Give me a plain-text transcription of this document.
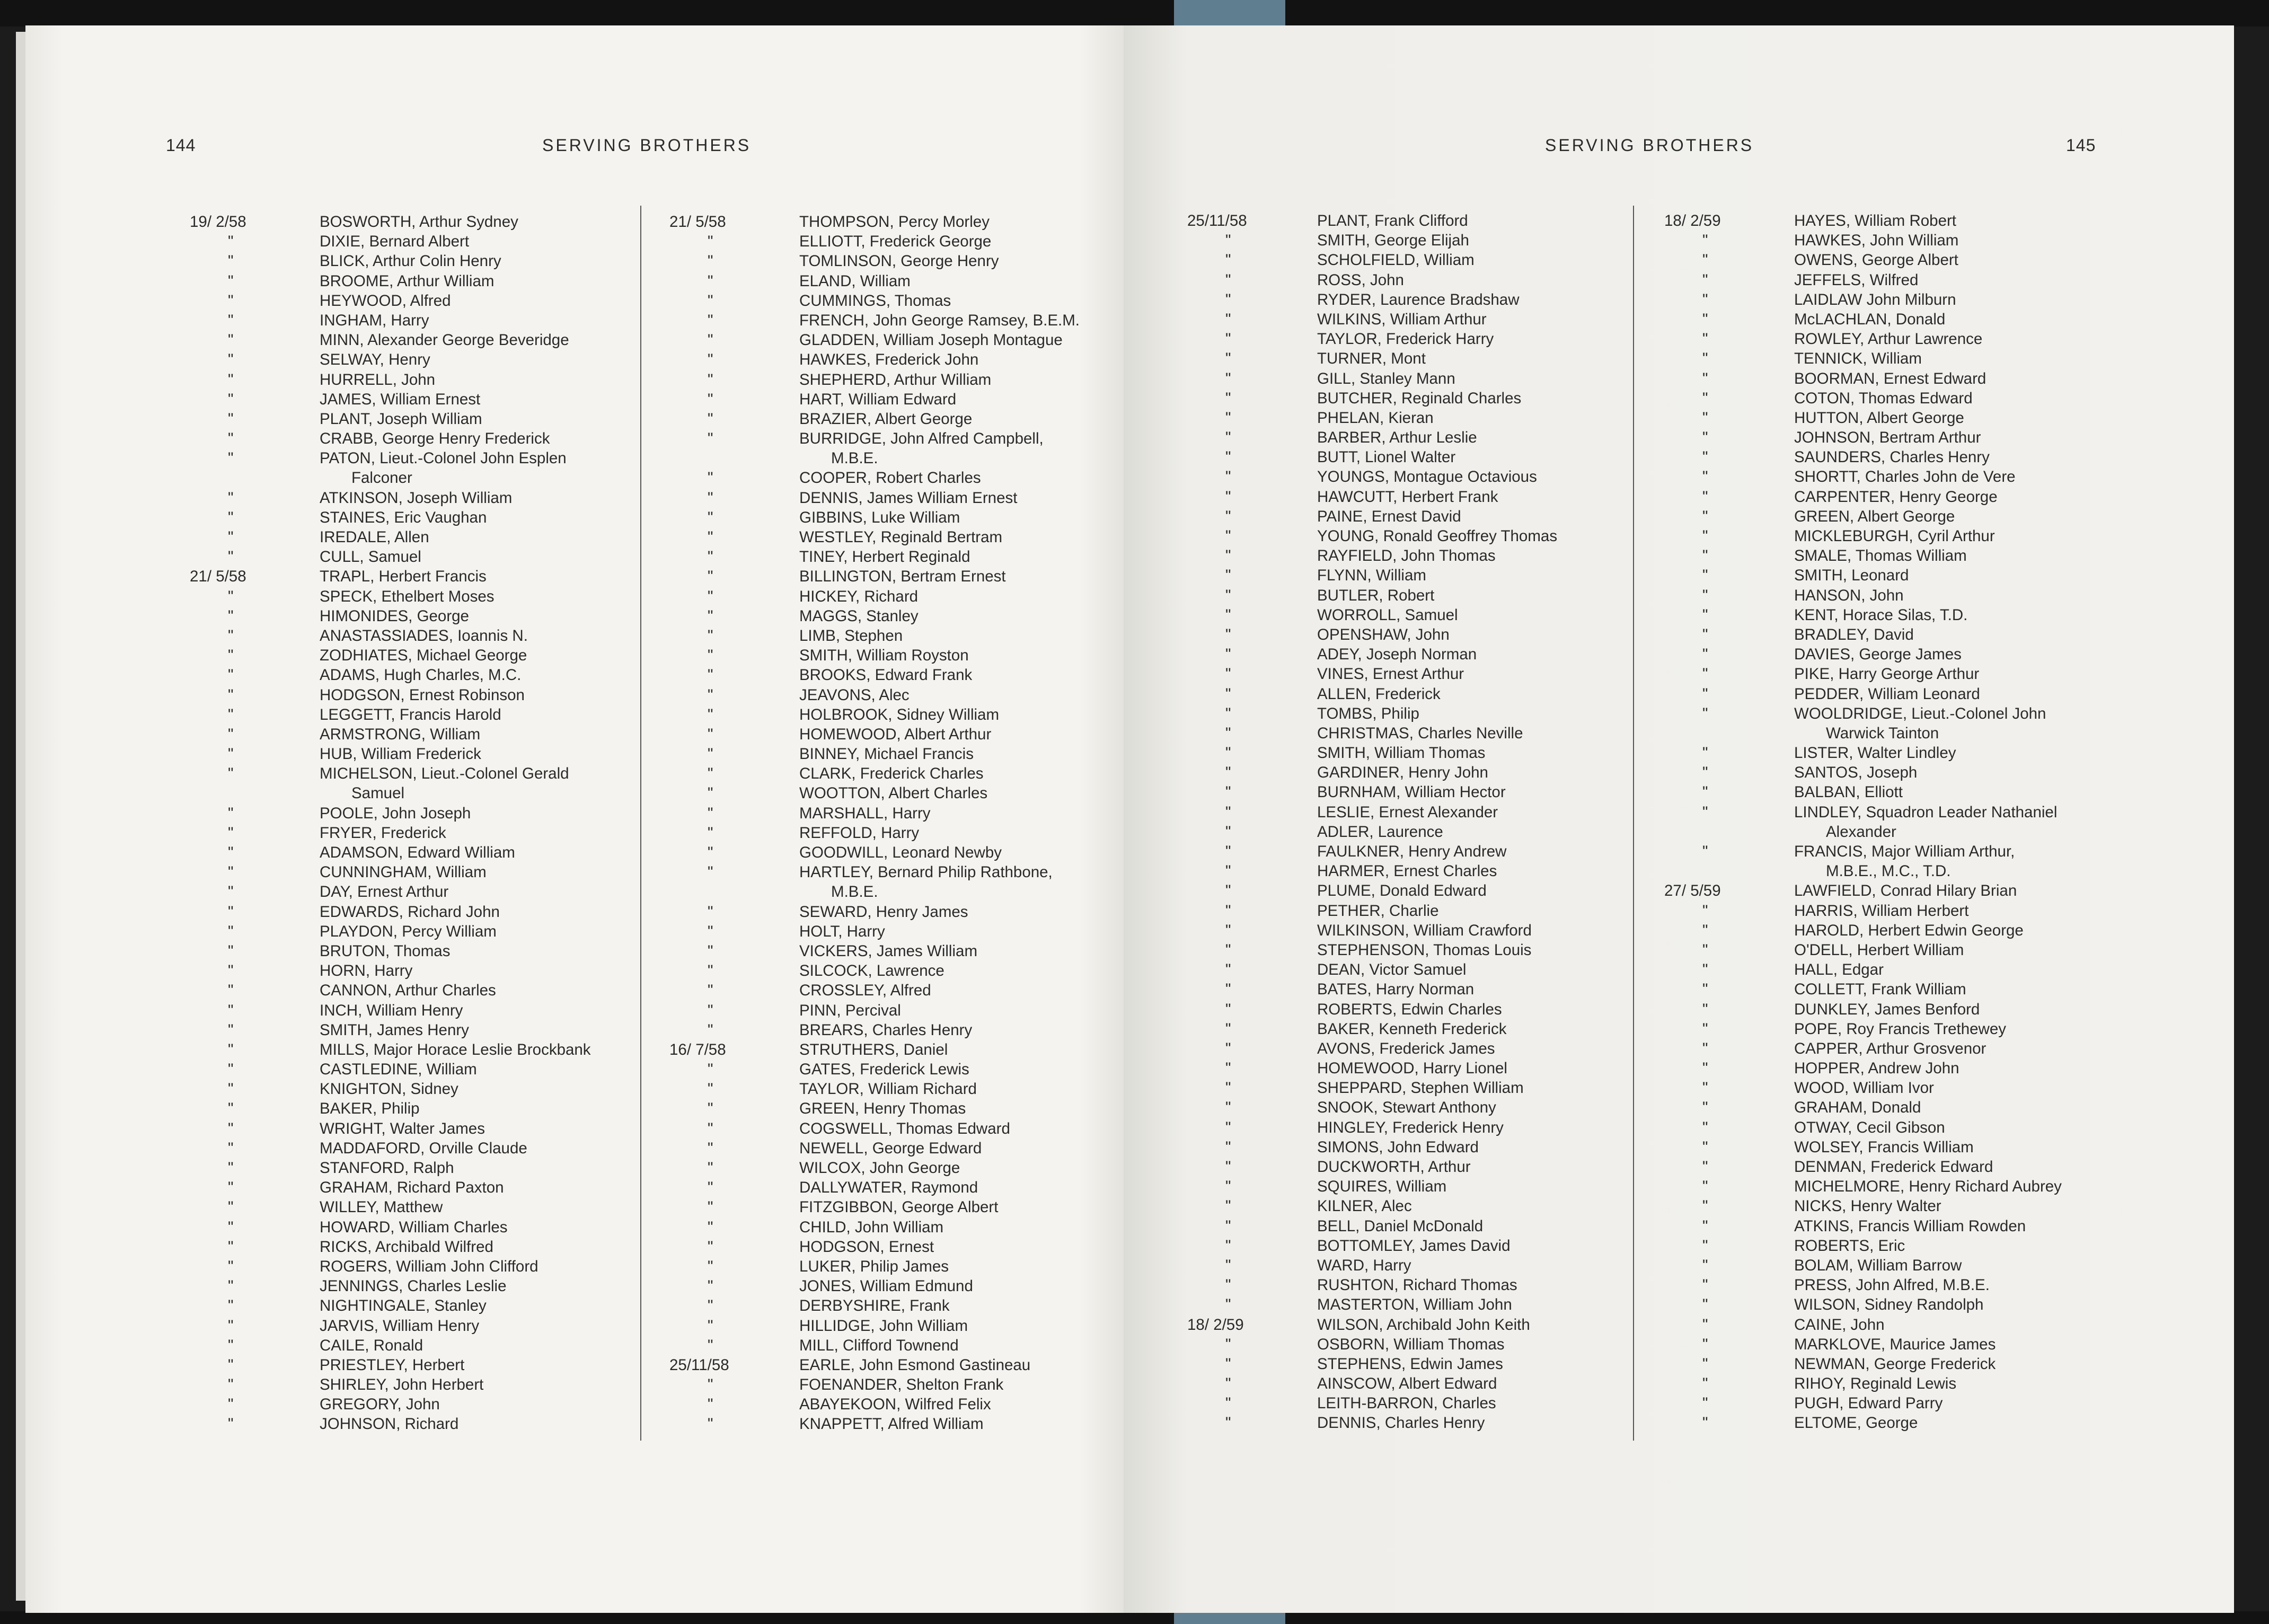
144	SERVING BROTHERS
19/ 2/58	BOSWORTH, Arthur Sydney
"	DIXIE, Bernard Albert
"	BLICK, Arthur Colin Henry
"	BROOME, Arthur William
"	HEYWOOD, Alfred
"	INGHAM, Harry
"	MINN, Alexander George Beveridge
"	SELWAY, Henry
"	HURRELL, John
"	JAMES, William Ernest
"	PLANT, Joseph William
"	CRABB, George Henry Frederick
"	PATON, Lieut.-Colonel John Esplen
Falconer
"	ATKINSON, Joseph William
"	STAINES, Eric Vaughan
"	IREDALE, Allen
"	CULL, Samuel
21/ 5/58	TRAPL, Herbert Francis
"	SPECK, Ethelbert Moses
"	HIMONIDES, George
"	ANASTASSIADES, Ioannis N.
"	ZODHIATES, Michael George
"	ADAMS, Hugh Charles, M.C.
"	HODGSON, Ernest Robinson
"	LEGGETT, Francis Harold
"	ARMSTRONG, William
"	HUB, William Frederick
"	MICHELSON, Lieut.-Colonel Gerald
Samuel
"	POOLE, John Joseph
"	FRYER, Frederick
"	ADAMSON, Edward William
"	CUNNINGHAM, William
"	DAY, Ernest Arthur
"	EDWARDS, Richard John
"	PLAYDON, Percy William
"	BRUTON, Thomas
"	HORN, Harry
"	CANNON, Arthur Charles
"	INCH, William Henry
"	SMITH, James Henry
"	MILLS, Major Horace Leslie Brockbank
"	CASTLEDINE, William
"	KNIGHTON, Sidney
"	BAKER, Philip
"	WRIGHT, Walter James
"	MADDAFORD, Orville Claude
"	STANFORD, Ralph
"	GRAHAM, Richard Paxton
"	WILLEY, Matthew
"	HOWARD, William Charles
"	RICKS, Archibald Wilfred
"	ROGERS, William John Clifford
"	JENNINGS, Charles Leslie
"	NIGHTINGALE, Stanley
"	JARVIS, William Henry
"	CAILE, Ronald
"	PRIESTLEY, Herbert
"	SHIRLEY, John Herbert
"	GREGORY, John
"	JOHNSON, Richard
21/ 5/58	THOMPSON, Percy Morley
"	ELLIOTT, Frederick George
"	TOMLINSON, George Henry
"	ELAND, William
"	CUMMINGS, Thomas
"	FRENCH, John George Ramsey, B.E.M.
"	GLADDEN, William Joseph Montague
"	HAWKES, Frederick John
"	SHEPHERD, Arthur William
"	HART, William Edward
"	BRAZIER, Albert George
"	BURRIDGE, John Alfred Campbell,
M.B.E.
"	COOPER, Robert Charles
"	DENNIS, James William Ernest
"	GIBBINS, Luke William
"	WESTLEY, Reginald Bertram
"	TINEY, Herbert Reginald
"	BILLINGTON, Bertram Ernest
"	HICKEY, Richard
"	MAGGS, Stanley
"	LIMB, Stephen
"	SMITH, William Royston
"	BROOKS, Edward Frank
"	JEAVONS, Alec
"	HOLBROOK, Sidney William
"	HOMEWOOD, Albert Arthur
"	BINNEY, Michael Francis
"	CLARK, Frederick Charles
"	WOOTTON, Albert Charles
"	MARSHALL, Harry
"	REFFOLD, Harry
"	GOODWILL, Leonard Newby
"	HARTLEY, Bernard Philip Rathbone,
M.B.E.
"	SEWARD, Henry James
"	HOLT, Harry
"	VICKERS, James William
"	SILCOCK, Lawrence
"	CROSSLEY, Alfred
"	PINN, Percival
"	BREARS, Charles Henry
16/ 7/58	STRUTHERS, Daniel
"	GATES, Frederick Lewis
"	TAYLOR, William Richard
"	GREEN, Henry Thomas
"	COGSWELL, Thomas Edward
"	NEWELL, George Edward
"	WILCOX, John George
"	DALLYWATER, Raymond
"	FITZGIBBON, George Albert
"	CHILD, John William
"	HODGSON, Ernest
"	LUKER, Philip James
"	JONES, William Edmund
"	DERBYSHIRE, Frank
"	HILLIDGE, John William
"	MILL, Clifford Townend
25/11/58	EARLE, John Esmond Gastineau
"	FOENANDER, Shelton Frank
"	ABAYEKOON, Wilfred Felix
"	KNAPPETT, Alfred William
SERVING BROTHERS	145
25/11/58	PLANT, Frank Clifford
"	SMITH, George Elijah
"	SCHOLFIELD, William
"	ROSS, John
"	RYDER, Laurence Bradshaw
"	WILKINS, William Arthur
"	TAYLOR, Frederick Harry
"	TURNER, Mont
"	GILL, Stanley Mann
"	BUTCHER, Reginald Charles
"	PHELAN, Kieran
"	BARBER, Arthur Leslie
"	BUTT, Lionel Walter
"	YOUNGS, Montague Octavious
"	HAWCUTT, Herbert Frank
"	PAINE, Ernest David
"	YOUNG, Ronald Geoffrey Thomas
"	RAYFIELD, John Thomas
"	FLYNN, William
"	BUTLER, Robert
"	WORROLL, Samuel
"	OPENSHAW, John
"	ADEY, Joseph Norman
"	VINES, Ernest Arthur
"	ALLEN, Frederick
"	TOMBS, Philip
"	CHRISTMAS, Charles Neville
"	SMITH, William Thomas
"	GARDINER, Henry John
"	BURNHAM, William Hector
"	LESLIE, Ernest Alexander
"	ADLER, Laurence
"	FAULKNER, Henry Andrew
"	HARMER, Ernest Charles
"	PLUME, Donald Edward
"	PETHER, Charlie
"	WILKINSON, William Crawford
"	STEPHENSON, Thomas Louis
"	DEAN, Victor Samuel
"	BATES, Harry Norman
"	ROBERTS, Edwin Charles
"	BAKER, Kenneth Frederick
"	AVONS, Frederick James
"	HOMEWOOD, Harry Lionel
"	SHEPPARD, Stephen William
"	SNOOK, Stewart Anthony
"	HINGLEY, Frederick Henry
"	SIMONS, John Edward
"	DUCKWORTH, Arthur
"	SQUIRES, William
"	KILNER, Alec
"	BELL, Daniel McDonald
"	BOTTOMLEY, James David
"	WARD, Harry
"	RUSHTON, Richard Thomas
"	MASTERTON, William John
18/ 2/59	WILSON, Archibald John Keith
"	OSBORN, William Thomas
"	STEPHENS, Edwin James
"	AINSCOW, Albert Edward
"	LEITH-BARRON, Charles
"	DENNIS, Charles Henry
18/ 2/59	HAYES, William Robert
"	HAWKES, John William
"	OWENS, George Albert
"	JEFFELS, Wilfred
"	LAIDLAW John Milburn
"	McLACHLAN, Donald
"	ROWLEY, Arthur Lawrence
"	TENNICK, William
"	BOORMAN, Ernest Edward
"	COTON, Thomas Edward
"	HUTTON, Albert George
"	JOHNSON, Bertram Arthur
"	SAUNDERS, Charles Henry
"	SHORTT, Charles John de Vere
"	CARPENTER, Henry George
"	GREEN, Albert George
"	MICKLEBURGH, Cyril Arthur
"	SMALE, Thomas William
"	SMITH, Leonard
"	HANSON, John
"	KENT, Horace Silas, T.D.
"	BRADLEY, David
"	DAVIES, George James
"	PIKE, Harry George Arthur
"	PEDDER, William Leonard
"	WOOLDRIDGE, Lieut.-Colonel John
Warwick Tainton
"	LISTER, Walter Lindley
"	SANTOS, Joseph
"	BALBAN, Elliott
"	LINDLEY, Squadron Leader Nathaniel
Alexander
"	FRANCIS, Major William Arthur,
M.B.E., M.C., T.D.
27/ 5/59	LAWFIELD, Conrad Hilary Brian
"	HARRIS, William Herbert
"	HAROLD, Herbert Edwin George
"	O'DELL, Herbert William
"	HALL, Edgar
"	COLLETT, Frank William
"	DUNKLEY, James Benford
"	POPE, Roy Francis Trethewey
"	CAPPER, Arthur Grosvenor
"	HOPPER, Andrew John
"	WOOD, William Ivor
"	GRAHAM, Donald
"	OTWAY, Cecil Gibson
"	WOLSEY, Francis William
"	DENMAN, Frederick Edward
"	MICHELMORE, Henry Richard Aubrey
"	NICKS, Henry Walter
"	ATKINS, Francis William Rowden
"	ROBERTS, Eric
"	BOLAM, William Barrow
"	PRESS, John Alfred, M.B.E.
"	WILSON, Sidney Randolph
"	CAINE, John
"	MARKLOVE, Maurice James
"	NEWMAN, George Frederick
"	RIHOY, Reginald Lewis
"	PUGH, Edward Parry
"	ELTOME, George
